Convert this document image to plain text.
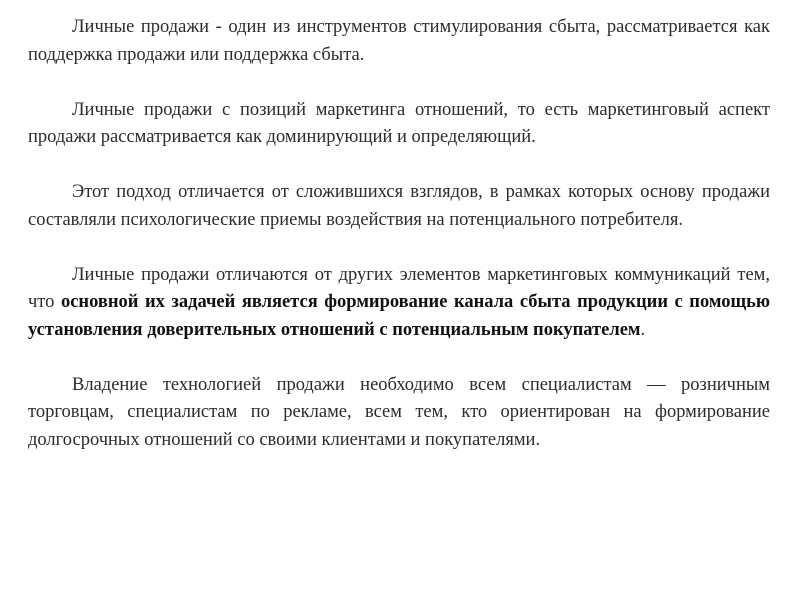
Личные продажи - один из инструментов стимулирования сбыта, рассматривается как поддержка продажи или поддержка сбыта.

Личные продажи с позиций маркетинга отношений, то есть маркетинговый аспект продажи рассматривается как доминирующий и определяющий.

Этот подход отличается от сложившихся взглядов, в рамках которых основу продажи составляли психологические приемы воздействия на потенциального потребителя.

Личные продажи отличаются от других элементов маркетинговых коммуникаций тем, что основной их задачей является формирование канала сбыта продукции с помощью установления доверительных отношений с потенциальным покупателем.

Владение технологией продажи необходимо всем специалистам — розничным торговцам, специалистам по рекламе, всем тем, кто ориентирован на формирование долгосрочных отношений со своими клиентами и покупателями.
